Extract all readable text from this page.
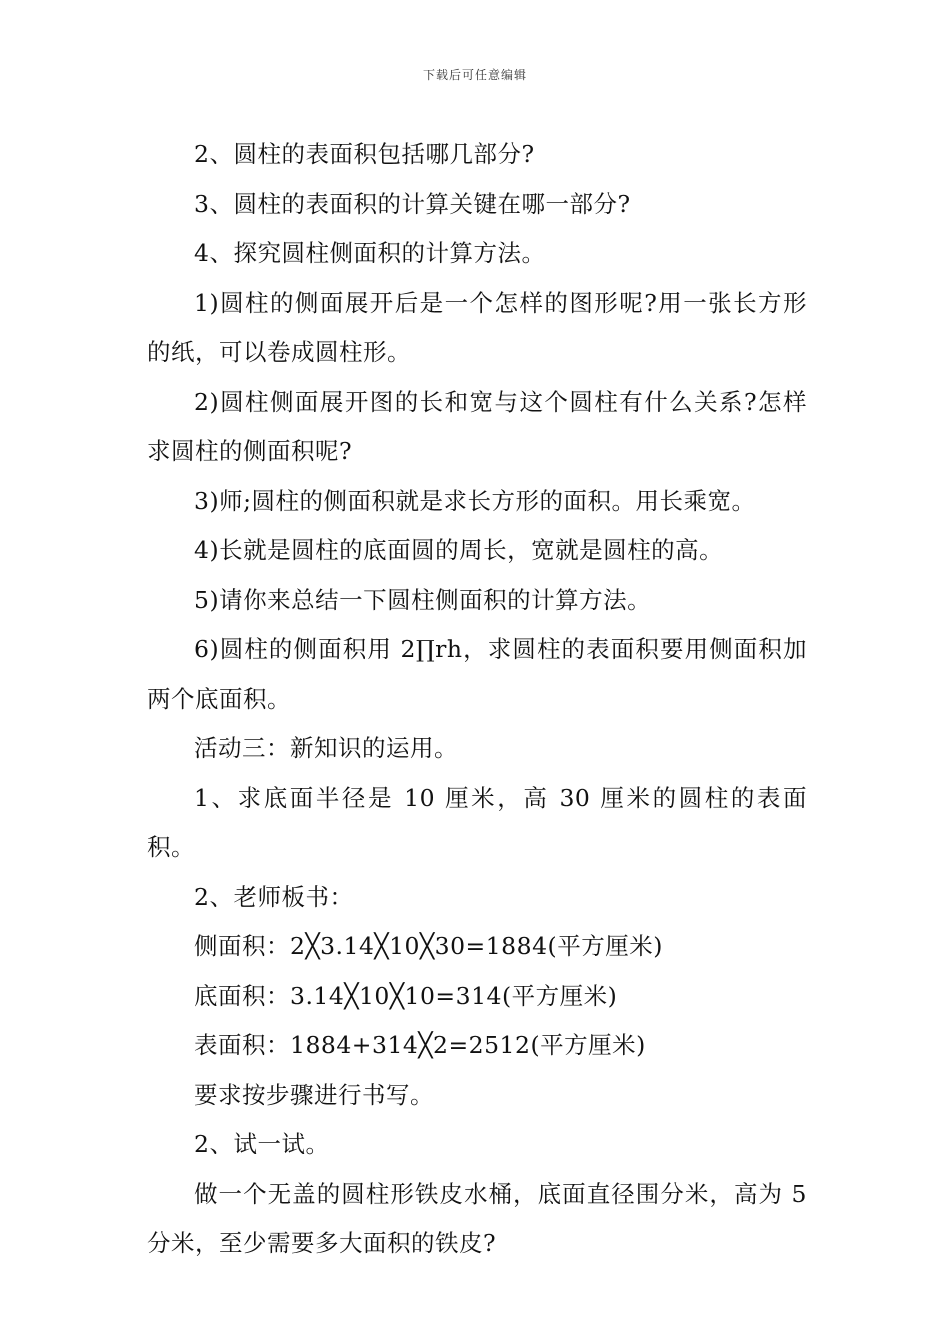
下载后可任意编辑

2、圆柱的表面积包括哪几部分?

3、圆柱的表面积的计算关键在哪一部分?

4、探究圆柱侧面积的计算方法。

1)圆柱的侧面展开后是一个怎样的图形呢?用一张长方形的纸，可以卷成圆柱形。

2)圆柱侧面展开图的长和宽与这个圆柱有什么关系?怎样求圆柱的侧面积呢?

3)师;圆柱的侧面积就是求长方形的面积。用长乘宽。

4)长就是圆柱的底面圆的周长，宽就是圆柱的高。

5)请你来总结一下圆柱侧面积的计算方法。

6)圆柱的侧面积用 2∏rh，求圆柱的表面积要用侧面积加两个底面积。

活动三：新知识的运用。

1、求底面半径是 10 厘米，高 30 厘米的圆柱的表面积。

2、老师板书：

侧面积：2╳3.14╳10╳30=1884(平方厘米)

底面积：3.14╳10╳10=314(平方厘米)

表面积：1884+314╳2=2512(平方厘米)

要求按步骤进行书写。

2、试一试。

做一个无盖的圆柱形铁皮水桶，底面直径围分米，高为 5 分米，至少需要多大面积的铁皮?
